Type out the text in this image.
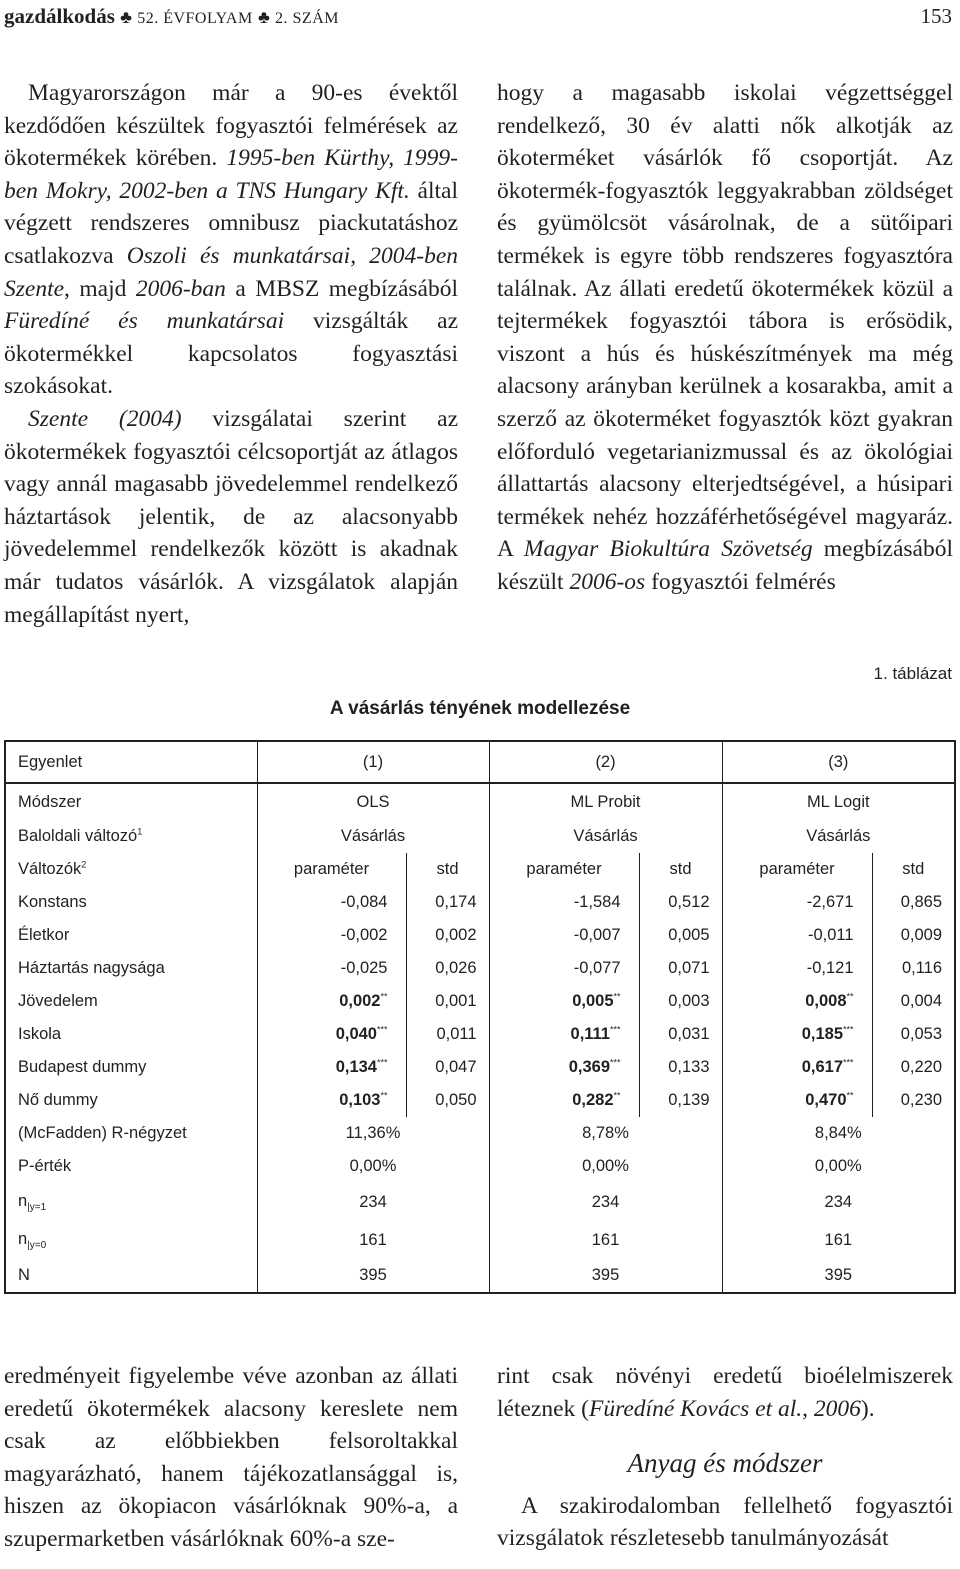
gazdálkodás ♣ 52. ÉVFOLYAM ♣ 2. SZÁM	153

Magyarországon már a 90-es évektől kezdődően készültek fogyasztói felmérések az ökotermékek körében. 1995-ben Kürthy, 1999-ben Mokry, 2002-ben a TNS Hungary Kft. által végzett rendszeres omnibusz piackutatáshoz csatlakozva Oszoli és munkatársai, 2004-ben Szente, majd 2006-ban a MBSZ megbízásából Füredíné és munkatársai vizsgálták az ökotermékkel kapcsolatos fogyasztási szokásokat.

Szente (2004) vizsgálatai szerint az ökotermékek fogyasztói célcsoportját az átlagos vagy annál magasabb jövedelemmel rendelkező háztartások jelentik, de az alacsonyabb jövedelemmel rendelkezők között is akadnak már tudatos vásárlók. A vizsgálatok alapján megállapítást nyert,

hogy a magasabb iskolai végzettséggel rendelkező, 30 év alatti nők alkotják az ökoterméket vásárlók fő csoportját. Az ökotermék-fogyasztók leggyakrabban zöldséget és gyümölcsöt vásárolnak, de a sütőipari termékek is egyre több rendszeres fogyasztóra találnak. Az állati eredetű ökotermékek közül a tejtermékek fogyasztói tábora is erősödik, viszont a hús és húskészítmények ma még alacsony arányban kerülnek a kosarakba, amit a szerző az ökoterméket fogyasztók közt gyakran előforduló vegetarianizmussal és az ökológiai állattartás alacsony elterjedtségével, a húsipari termékek nehéz hozzáférhetőségével magyaráz. A Magyar Biokultúra Szövetség megbízásából készült 2006-os fogyasztói felmérés

1. táblázat
A vásárlás tényének modellezése
Egyenlet	(1)		(2)		(3)	
Módszer	OLS		ML Probit		ML Logit	
Baloldali változó$^1$	Vásárlás		Vásárlás		Vásárlás	
Változók$^2$	paraméter	std	paraméter	std	paraméter	std
Konstans	-0,084	0,174	-1,584	0,512	-2,671	0,865
Életkor	-0,002	0,002	-0,007	0,005	-0,011	0,009
Háztartás nagysága	-0,025	0,026	-0,077	0,071	-0,121	0,116
Jövedelem	0,002**	0,001	0,005**	0,003	0,008**	0,004
Iskola	0,040***	0,011	0,111***	0,031	0,185***	0,053
Budapest dummy	0,134***	0,047	0,369***	0,133	0,617***	0,220
Nő dummy	0,103**	0,050	0,282**	0,139	0,470**	0,230
(McFadden) R-négyzet	11,36%		8,78%		8,84%	
P-érték	0,00%		0,00%		0,00%	
$n_{|y=1}$	234		234		234	
$n_{|y=0}$	161		161		161	
N	395		395		395	

eredményeit figyelembe véve azonban az állati eredetű ökotermékek alacsony kereslete nem csak az előbbiekben felsoroltakkal magyarázható, hanem tájékozatlansággal is, hiszen az ökopiacon vásárlóknak 90%-a, a szupermarketben vásárlóknak 60%-a sze-

rint csak növényi eredetű bioélelmiszerek léteznek (Füredíné Kovács et al., 2006).

Anyag és módszer

A szakirodalomban fellelhető fogyasztói vizsgálatok részletesebb tanulmányozását
